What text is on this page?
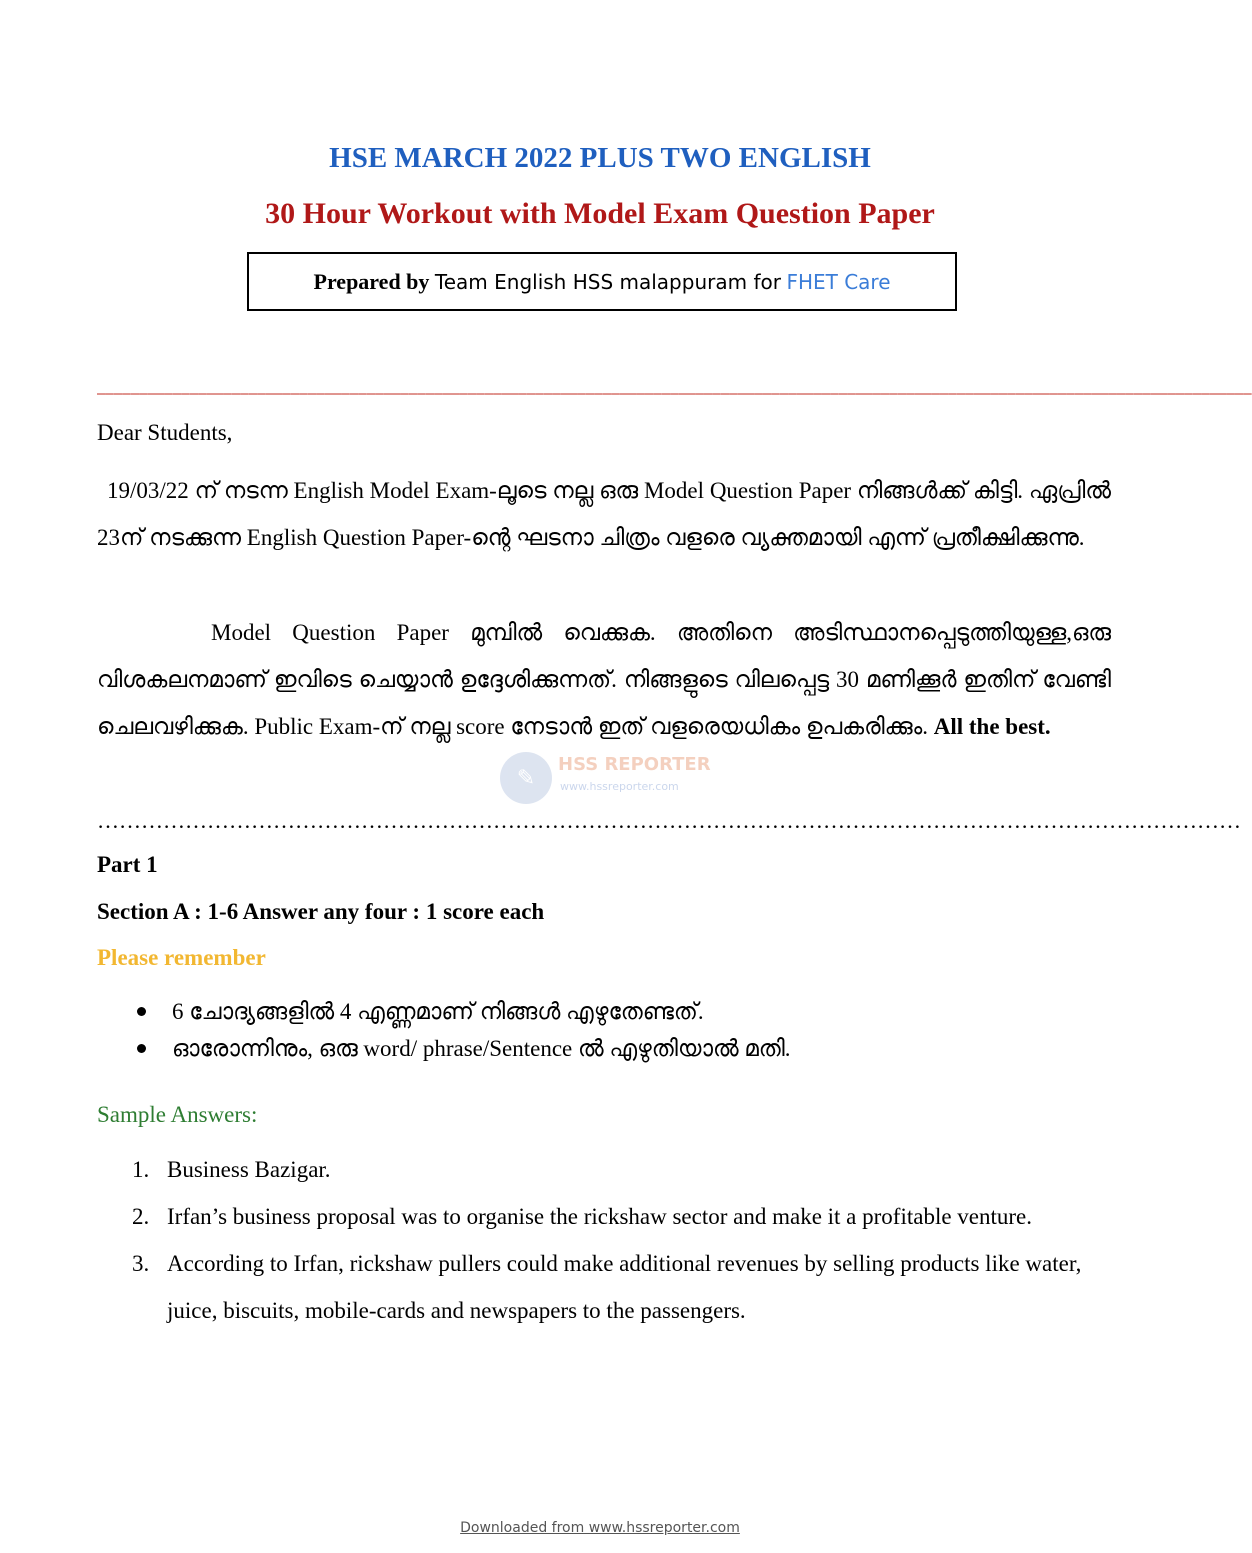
HSE MARCH 2022 PLUS TWO ENGLISH
30 Hour Workout with Model Exam Question Paper
Prepared by
Team English HSS malappuram for
FHET Care
—————————————————————————————————————————————————————————————————————————————————————————————————————————————————————————————————————————
Dear Students,
19/03/22 ന് നടന്ന English Model Exam-ലൂടെ നല്ല ഒരു Model Question Paper നിങ്ങൾക്ക് കിട്ടി. ഏപ്രിൽ 23ന് നടക്കുന്ന English Question Paper-ന്റെ ഘടനാ ചിത്രം വളരെ വ്യക്തമായി എന്ന് പ്രതീക്ഷിക്കുന്നു.
Model Question Paper മുമ്പിൽ വെക്കുക. അതിനെ അടിസ്ഥാനപ്പെടുത്തിയുള്ള,ഒരു വിശകലനമാണ് ഇവിടെ ചെയ്യാൻ ഉദ്ദേശിക്കുന്നത്. നിങ്ങളുടെ വിലപ്പെട്ട 30 മണിക്കൂർ ഇതിന് വേണ്ടി ചെലവഴിക്കുക. Public Exam-ന് നല്ല score നേടാൻ ഇത് വളരെയധികം ഉപകരിക്കും. All the best.
✎
HSS REPORTER
www.hssreporter.com
…………………………………………………………………………………………………………………………………………
Part 1
Section A : 1-6 Answer any four : 1 score each
Please remember
6 ചോദ്യങ്ങളിൽ 4 എണ്ണമാണ് നിങ്ങൾ എഴുതേണ്ടത്.
ഓരോന്നിനും, ഒരു word/ phrase/Sentence ൽ എഴുതിയാൽ മതി.
Sample Answers:
1. Business Bazigar.
2. Irfan’s business proposal was to organise the rickshaw sector and make it a profitable venture.
3. According to Irfan, rickshaw pullers could make additional revenues by selling products like water, juice, biscuits, mobile-cards and newspapers to the passengers.
Downloaded from www.hssreporter.com
